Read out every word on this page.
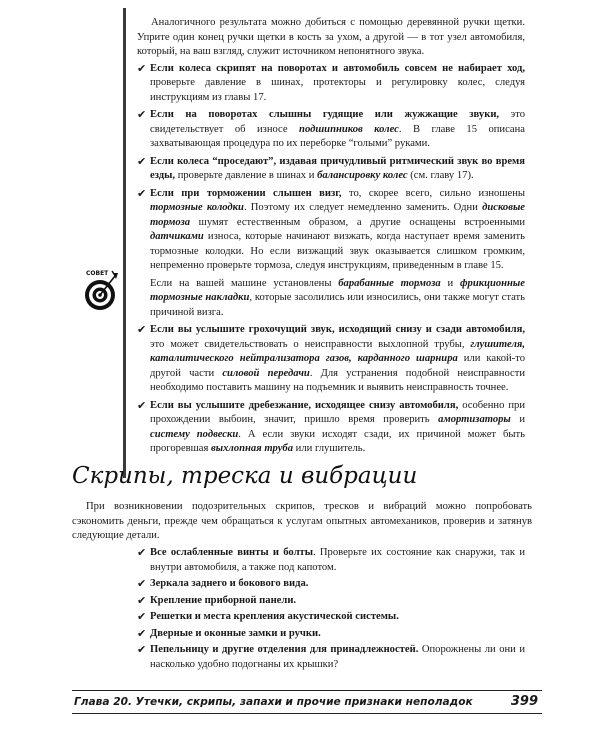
СОВЕТ

Аналогичного результата можно добиться с помощью деревянной ручки щетки. Уприте один конец ручки щетки в кость за ухом, а другой — в тот узел автомобиля, который, на ваш взгляд, служит источником непонятного звука.

✔ Если колеса скрипят на поворотах и автомобиль совсем не набирает ход, проверьте давление в шинах, протекторы и регулировку колес, следуя инструкциям из главы 17.

✔ Если на поворотах слышны гудящие или жужжащие звуки, это свидетельствует об износе подшипников колес. В главе 15 описана захватывающая процедура по их переборке “голыми” руками.

✔ Если колеса “проседают”, издавая причудливый ритмический звук во время езды, проверьте давление в шинах и балансировку колес (см. главу 17).

✔ Если при торможении слышен визг, то, скорее всего, сильно изношены тормозные колодки. Поэтому их следует немедленно заменить. Одни дисковые тормоза шумят естественным образом, а другие оснащены встроенными датчиками износа, которые начинают визжать, когда наступает время заменить тормозные колодки. Но если визжащий звук оказывается слишком громким, непременно проверьте тормоза, следуя инструкциям, приведенным в главе 15.

Если на вашей машине установлены барабанные тормоза и фрикционные тормозные накладки, которые засолились или износились, они также могут стать причиной визга.

✔ Если вы услышите грохочущий звук, исходящий снизу и сзади автомобиля, это может свидетельствовать о неисправности выхлопной трубы, глушителя, каталитического нейтрализатора газов, карданного шарнира или какой-то другой части силовой передачи. Для устранения подобной неисправности необходимо поставить машину на подъемник и выявить неисправность точнее.

✔ Если вы услышите дребезжание, исходящее снизу автомобиля, особенно при прохождении выбоин, значит, пришло время проверить амортизаторы и систему подвески. А если звуки исходят сзади, их причиной может быть прогоревшая выхлопная труба или глушитель.

Скрипы, треска и вибрации

При возникновении подозрительных скрипов, тресков и вибраций можно попробовать сэкономить деньги, прежде чем обращаться к услугам опытных автомехаников, проверив и затянув следующие детали.

✔ Все ослабленные винты и болты. Проверьте их состояние как снаружи, так и внутри автомобиля, а также под капотом.

✔ Зеркала заднего и бокового вида.

✔ Крепление приборной панели.

✔ Решетки и места крепления акустической системы.

✔ Дверные и оконные замки и ручки.

✔ Пепельницу и другие отделения для принадлежностей. Опорожнены ли они и насколько удобно подогнаны их крышки?

Глава 20. Утечки, скрипы, запахи и прочие признаки неполадок	399
